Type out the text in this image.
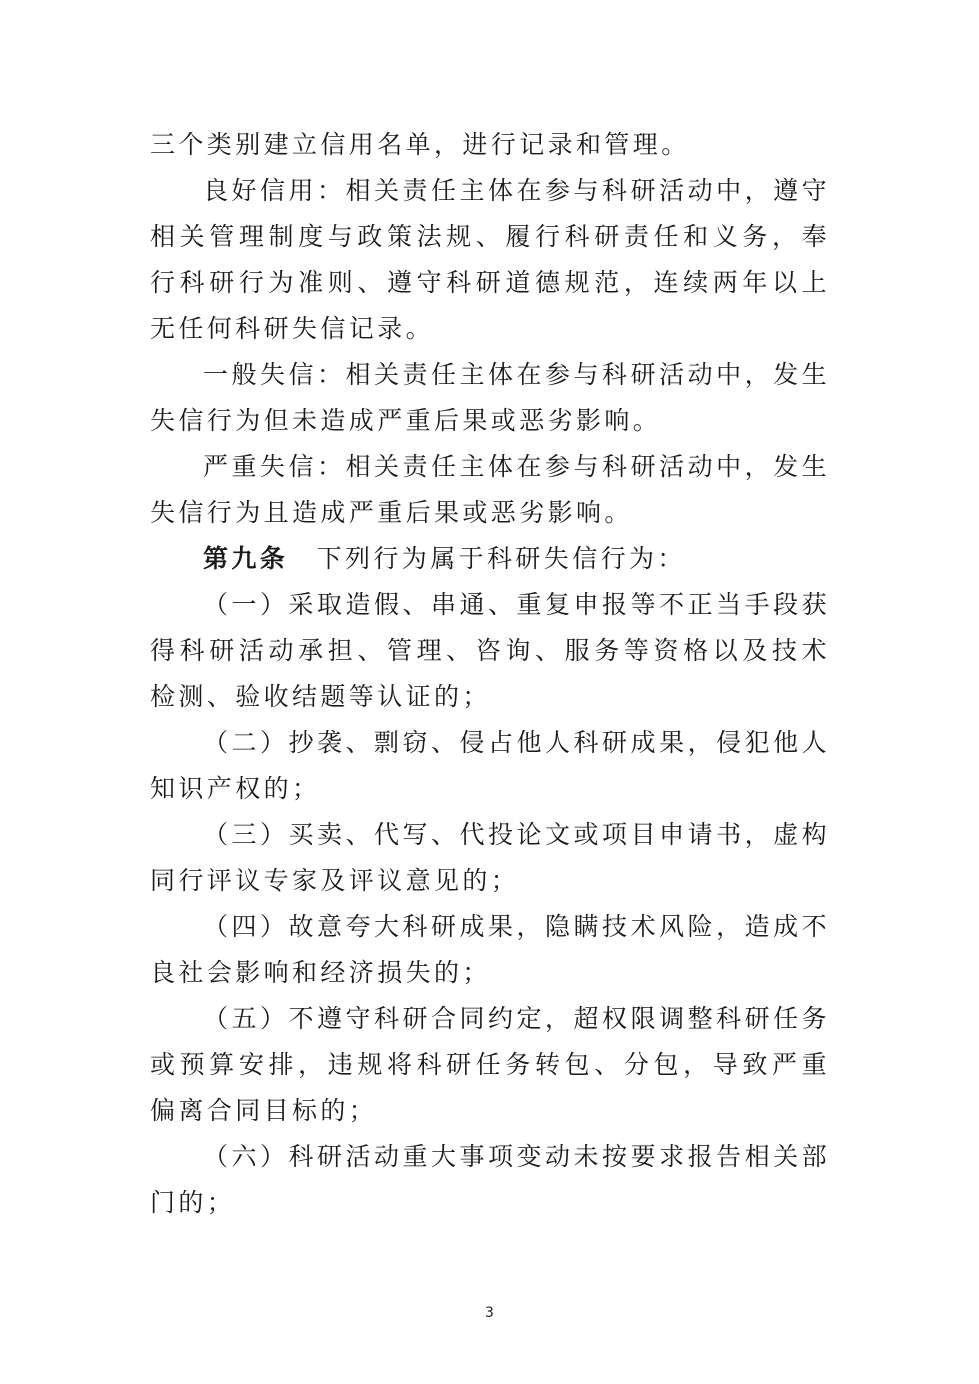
三个类别建立信用名单，进行记录和管理。

良好信用：相关责任主体在参与科研活动中，遵守相关管理制度与政策法规、履行科研责任和义务，奉行科研行为准则、遵守科研道德规范，连续两年以上无任何科研失信记录。

一般失信：相关责任主体在参与科研活动中，发生失信行为但未造成严重后果或恶劣影响。

严重失信：相关责任主体在参与科研活动中，发生失信行为且造成严重后果或恶劣影响。

第九条　 下列行为属于科研失信行为：

（一）采取造假、串通、重复申报等不正当手段获得科研活动承担、管理、咨询、服务等资格以及技术检测、验收结题等认证的；

（二）抄袭、剽窃、侵占他人科研成果，侵犯他人知识产权的；

（三）买卖、代写、代投论文或项目申请书，虚构同行评议专家及评议意见的；

（四）故意夸大科研成果，隐瞒技术风险，造成不良社会影响和经济损失的；

（五）不遵守科研合同约定，超权限调整科研任务或预算安排，违规将科研任务转包、分包，导致严重偏离合同目标的；

（六）科研活动重大事项变动未按要求报告相关部门的；

3
